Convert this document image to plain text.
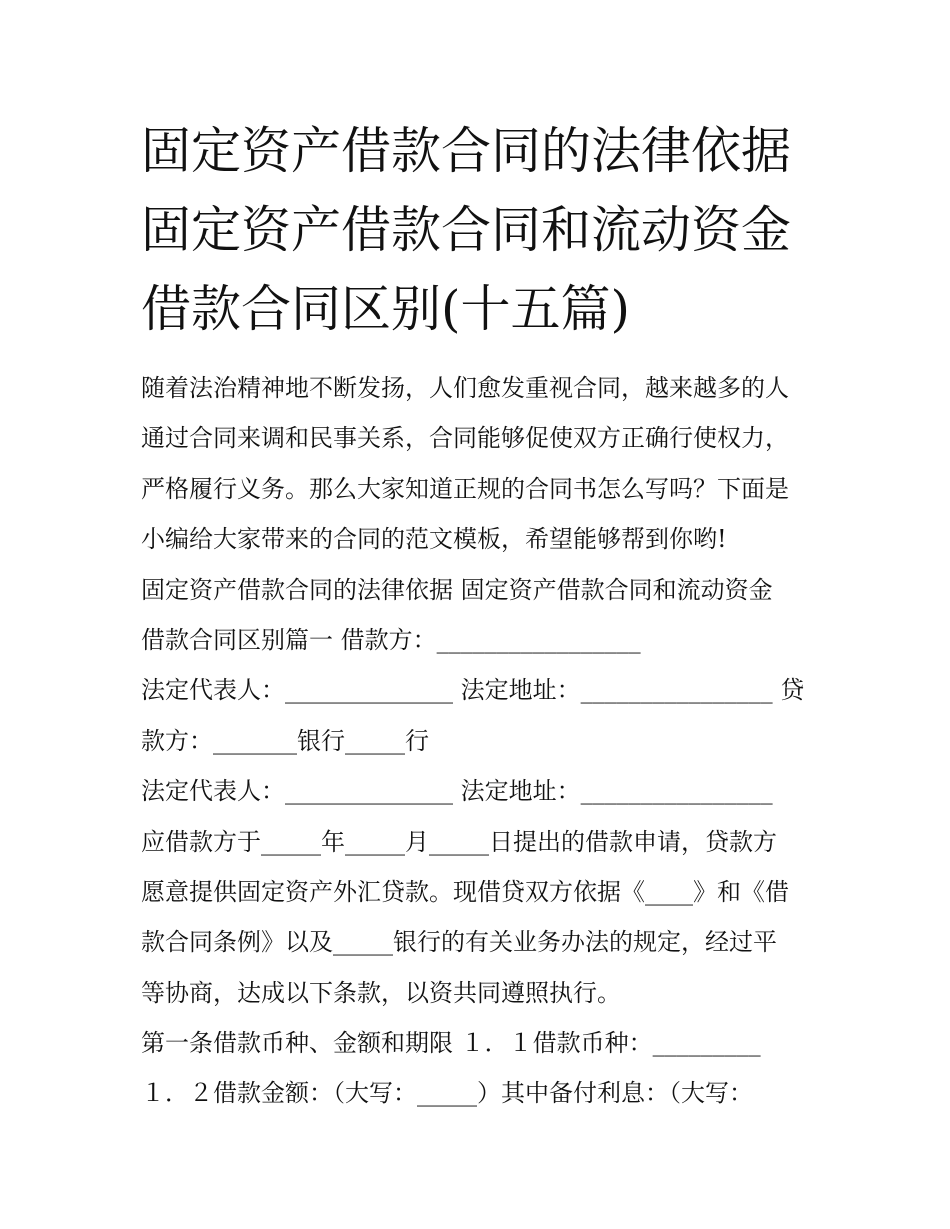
固定资产借款合同的法律依据
固定资产借款合同和流动资金
借款合同区别(十五篇)
随着法治精神地不断发扬，人们愈发重视合同，越来越多的人
通过合同来调和民事关系，合同能够促使双方正确行使权力，
严格履行义务。那么大家知道正规的合同书怎么写吗？下面是
小编给大家带来的合同的范文模板，希望能够帮到你哟!
固定资产借款合同的法律依据 固定资产借款合同和流动资金
借款合同区别篇一 借款方：_________________
法定代表人：______________ 法定地址：________________ 贷
款方：_______银行_____行
法定代表人：______________ 法定地址：________________
应借款方于_____年_____月_____日提出的借款申请，贷款方
愿意提供固定资产外汇贷款。现借贷双方依据《____》和《借
款合同条例》以及_____银行的有关业务办法的规定，经过平
等协商，达成以下条款，以资共同遵照执行。
第一条借款币种、金额和期限 １．１借款币种：_________
１．２借款金额：（大写：_____）其中备付利息：（大写：
